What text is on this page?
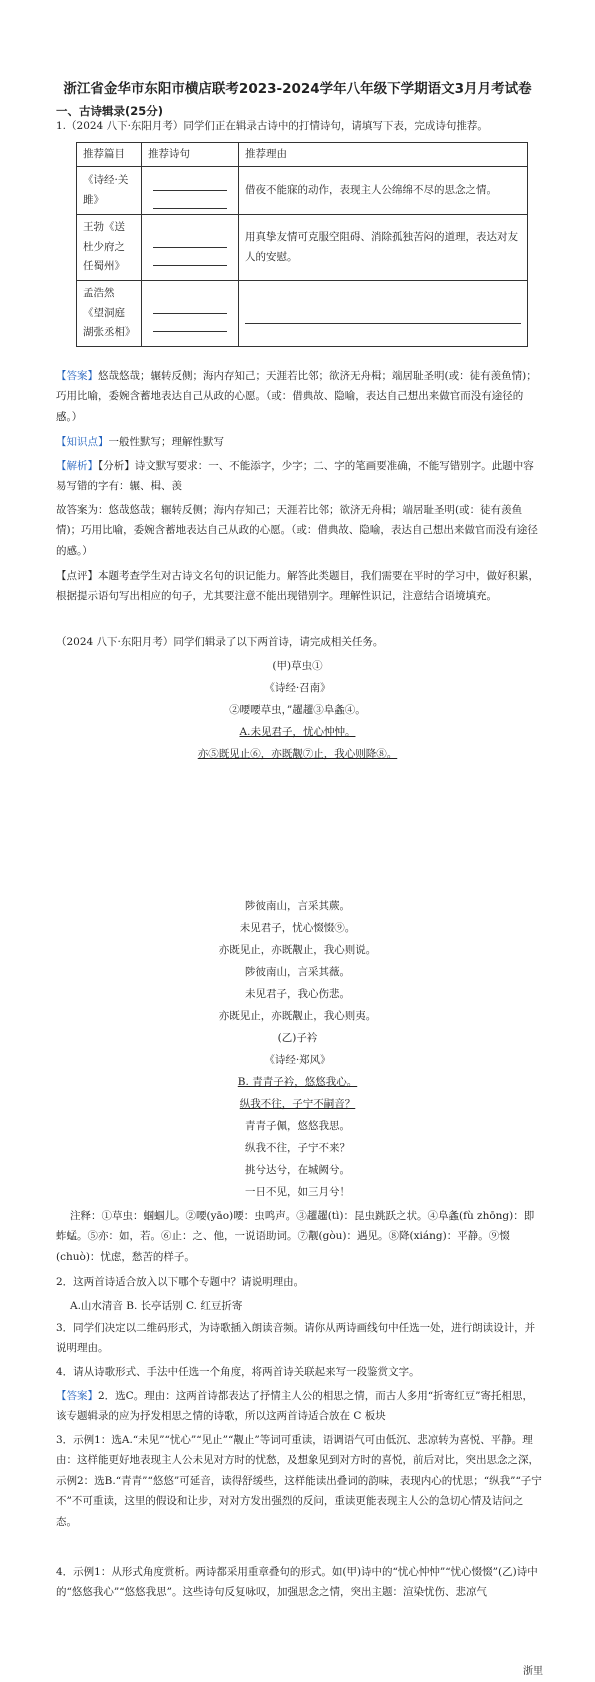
浙江省金华市东阳市横店联考2023-2024学年八年级下学期语文3月月考试卷
一、古诗辑录(25分)

1.（2024 八下·东阳月考）同学们正在辑录古诗中的打情诗句，请填写下表，完成诗句推荐。

推荐篇目	推荐诗句	推荐理由
《诗经·关雎》		借夜不能寐的动作，表现主人公绵绵不尽的思念之情。
王勃《送杜少府之任蜀州》		用真挚友情可克服空阻碍、消除孤独苦闷的道理，表达对友人的安慰。
孟浩然《望洞庭湖张丞相》	

【答案】悠哉悠哉；辗转反侧；海内存知己；天涯若比邻；欲济无舟楫；端居耻圣明(或：徒有羡鱼情)；巧用比喻，委婉含蓄地表达自己从政的心愿。（或：借典故、隐喻，表达自己想出来做官而没有途径的感。）

【知识点】一般性默写；理解性默写

【解析】【分析】诗文默写要求：一、不能添字，少字；二、字的笔画要准确，不能写错别字。此题中容易写错的字有：辗、楫、羡

故答案为：悠哉悠哉；辗转反侧；海内存知己；天涯若比邻；欲济无舟楫；端居耻圣明(或：徒有羡鱼情)；巧用比喻，委婉含蓄地表达自己从政的心愿。（或：借典故、隐喻，表达自己想出来做官而没有途径的感。）

【点评】本题考查学生对古诗文名句的识记能力。解答此类题目，我们需要在平时的学习中，做好积累，根据提示语句写出相应的句子，尤其要注意不能出现错别字。理解性识记，注意结合语境填充。

（2024 八下·东阳月考）同学们辑录了以下两首诗，请完成相关任务。

(甲)草虫①
《诗经·召南》
②喓喓草虫，”趯趯③阜螽④。
A.未见君子，忧心忡忡。
亦⑤既见止⑥，亦既觏⑦止，我心则降⑧。
陟彼南山，言采其蕨。
未见君子，忧心惙惙⑨。
亦既见止，亦既觏止，我心则说。
陟彼南山，言采其薇。
未见君子，我心伤悲。
亦既见止，亦既觏止，我心则夷。
(乙)子衿
《诗经·郑风》
B. 青青子衿，悠悠我心。
纵我不往，子宁不嗣音？
青青子佩，悠悠我思。
纵我不往，子宁不来？
挑兮达兮，在城阙兮。
一日不见，如三月兮！

注释：①草虫：蝈蝈儿。②喓(yāo)喓：虫鸣声。③趯趯(tì)：昆虫跳跃之状。④阜螽(fù zhōng)：即蚱蜢。⑤亦：如，若。⑥止：之、他，一说语助词。⑦觏(gòu)：遇见。⑧降(xiáng)：平静。⑨惙(chuò)：忧虑，愁苦的样子。

2．这两首诗适合放入以下哪个专题中？请说明理由。

A.山水清音 B. 长亭话别 C. 红豆折寄

3．同学们决定以二维码形式，为诗歌插入朗读音频。请你从两诗画线句中任选一处，进行朗读设计，并说明理由。

4．请从诗歌形式、手法中任选一个角度，将两首诗关联起来写一段鉴赏文字。

【答案】2．选C。理由：这两首诗都表达了抒情主人公的相思之情，而古人多用“折寄红豆”寄托相思，该专题辑录的应为抒发相思之情的诗歌，所以这两首诗适合放在 C 板块

3．示例1：选A.“未见”“忧心”“见止”“觏止”等词可重读，语调语气可由低沉、悲凉转为喜悦、平静。理由：这样能更好地表现主人公未见对方时的忧愁，及想象见到对方时的喜悦，前后对比，突出思念之深，示例2：选B.“青青”“悠悠”可延音，读得舒缓些，这样能读出叠词的韵味，表现内心的忧思；“纵我”“子宁不”不可重读，这里的假设和让步，对对方发出强烈的反问，重读更能表现主人公的急切心情及诘问之态。

4．示例1：从形式角度赏析。两诗都采用重章叠句的形式。如(甲)诗中的“忧心忡忡”“忧心惙惙”(乙)诗中的“悠悠我心”“悠悠我思”。这些诗句反复咏叹，加强思念之情，突出主题：渲染忧伤、悲凉气

浙里
